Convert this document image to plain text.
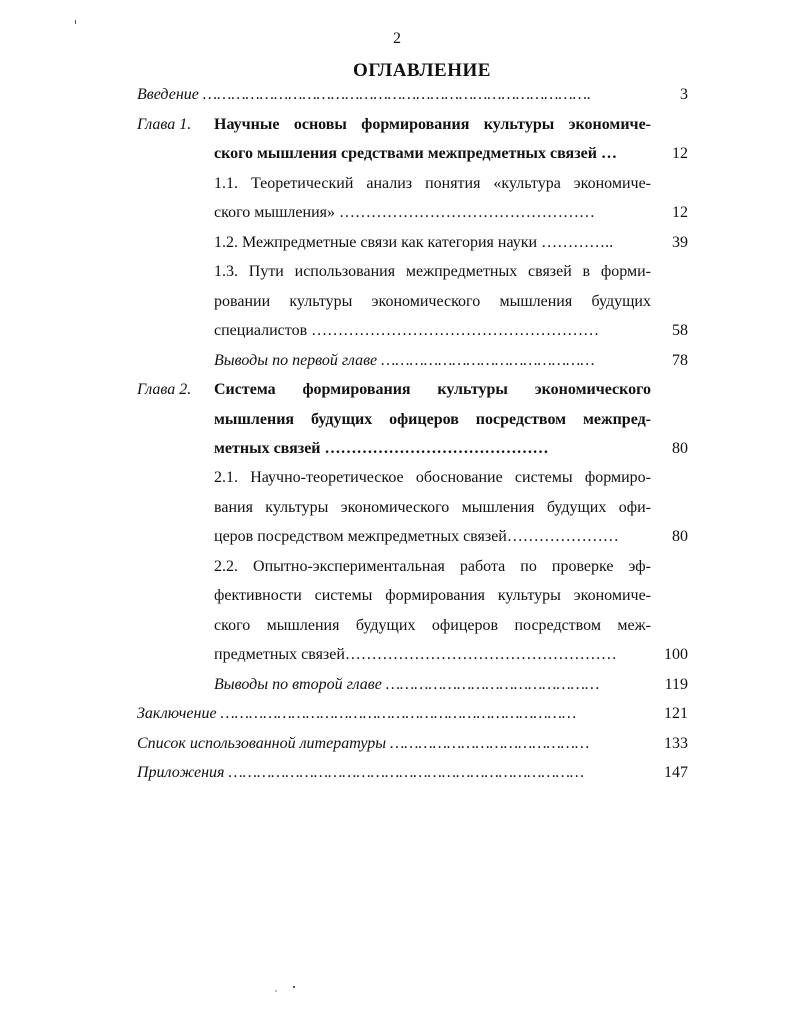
2
ОГЛАВЛЕНИЕ
Введение ……………………………………………………………………….	3
Глава 1. Научные основы формирования культуры экономиче-
ского мышления средствами межпредметных связей …	12
1.1. Теоретический анализ понятия «культура экономиче-
ского мышления» …………………………………………	12
1.2. Межпредметные связи как категория науки …………..	39
1.3. Пути использования межпредметных связей в форми-
ровании культуры экономического мышления будущих
специалистов ………………………………………………	58
Выводы по первой главе ………………………………………	78
Глава 2. Система формирования культуры экономического
мышления будущих офицеров посредством межпред-
метных связей ……………………………………	80
2.1. Научно-теоретическое обоснование системы формиро-
вания культуры экономического мышления будущих офи-
церов посредством межпредметных связей…………………	80
2.2. Опытно-экспериментальная работа по проверке эф-
фективности системы формирования культуры экономиче-
ского мышления будущих офицеров посредством меж-
предметных связей……………………………………………	100
Выводы по второй главе ………………………………………	119
Заключение …………………………………………………………………	121
Список использованной литературы ……………………………………	133
Приложения …………………………………………………………………	147
